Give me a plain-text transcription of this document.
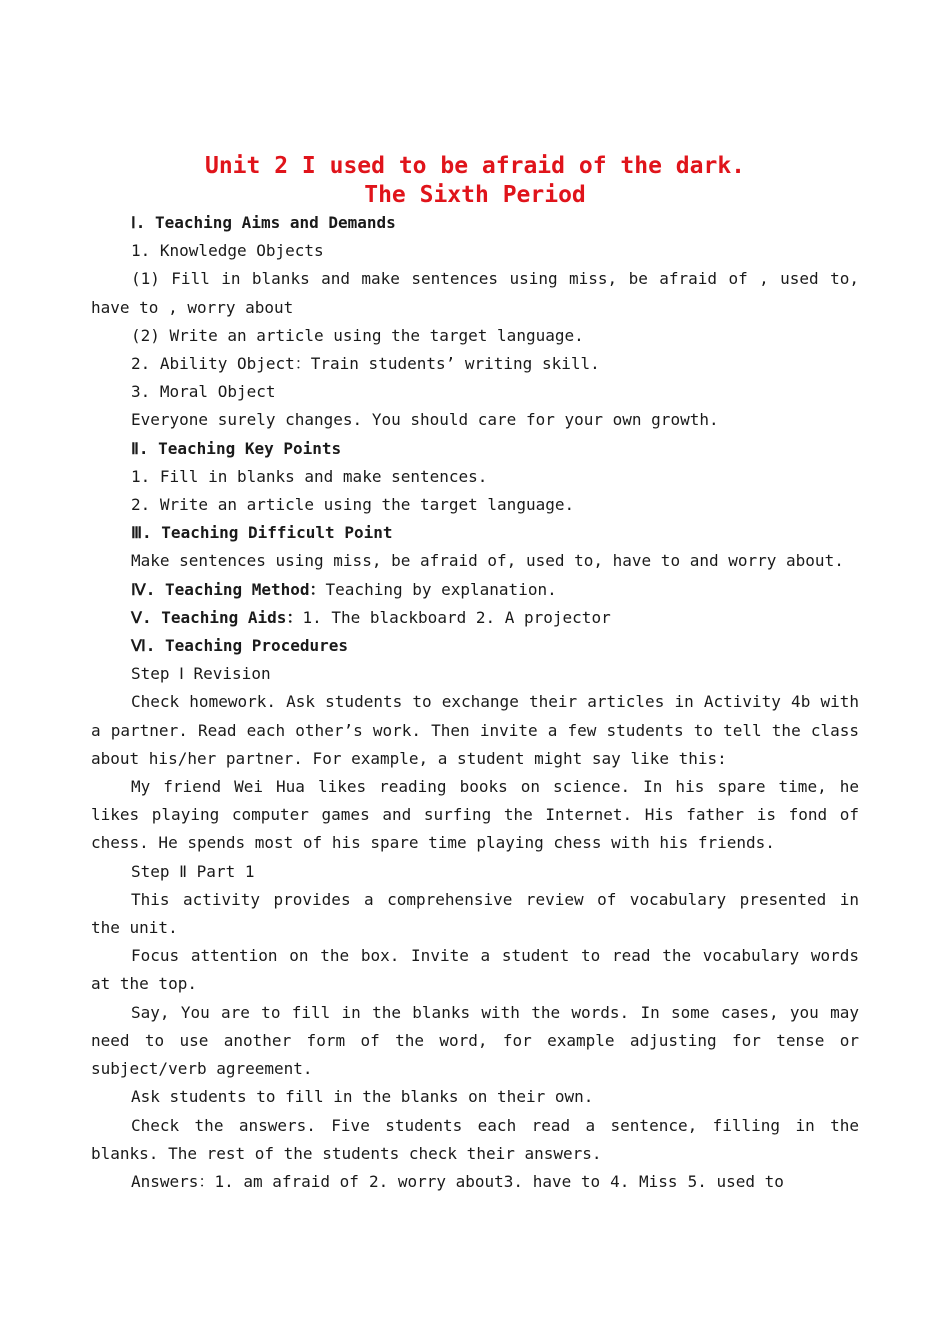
Unit 2 I used to be afraid of the dark.
The Sixth Period

Ⅰ. Teaching Aims and Demands

1. Knowledge Objects

(1) Fill in blanks and make sentences using miss, be afraid of , used to, have to , worry about

(2) Write an article using the target language.

2. Ability Object：Train students’ writing skill.

3. Moral Object

Everyone surely changes. You should care for your own growth.

Ⅱ. Teaching Key Points

1. Fill in blanks and make sentences.

2. Write an article using the target language.

Ⅲ. Teaching Difficult Point

Make sentences using miss, be afraid of, used to, have to and worry about.

Ⅳ. Teaching Method：Teaching by explanation.

Ⅴ. Teaching Aids：1. The blackboard 2. A projector

Ⅵ. Teaching Procedures

Step Ⅰ Revision

Check homework. Ask students to exchange their articles in Activity 4b with a partner. Read each other’s work. Then invite a few students to tell the class about his/her partner. For example, a student might say like this:

My friend Wei Hua likes reading books on science. In his spare time, he likes playing computer games and surfing the Internet. His father is fond of chess. He spends most of his spare time playing chess with his friends.

Step Ⅱ Part 1

This activity provides a comprehensive review of vocabulary presented in the unit.

Focus attention on the box. Invite a student to read the vocabulary words at the top.

Say, You are to fill in the blanks with the words. In some cases, you may need to use another form of the word, for example adjusting for tense or subject/verb agreement.

Ask students to fill in the blanks on their own.

Check the answers. Five students each read a sentence, filling in the blanks. The rest of the students check their answers.

Answers：1. am afraid of 2. worry about3. have to 4. Miss 5. used to
